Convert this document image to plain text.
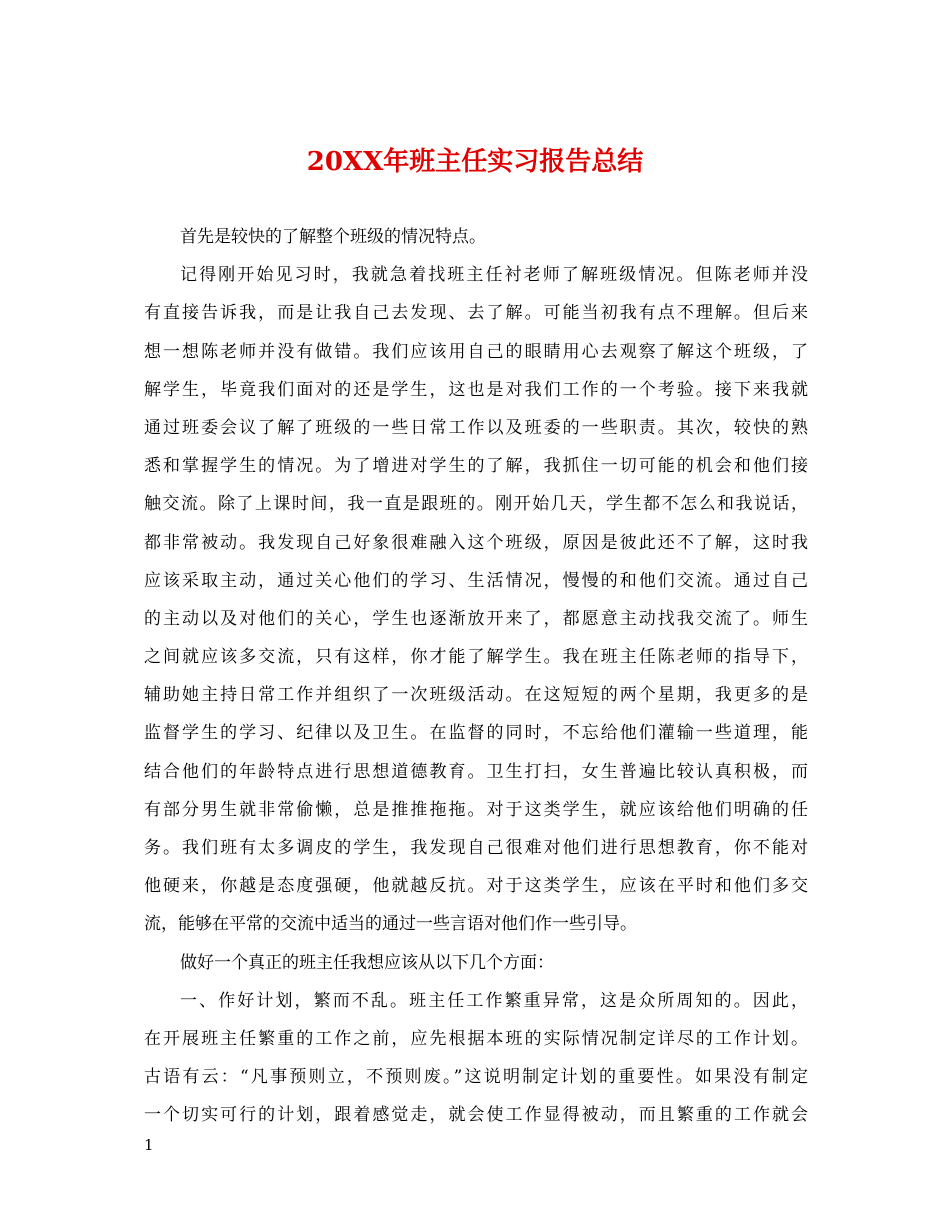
20XX年班主任实习报告总结
首先是较快的了解整个班级的情况特点。
记得刚开始见习时，我就急着找班主任衬老师了解班级情况。但陈老师并没
有直接告诉我，而是让我自己去发现、去了解。可能当初我有点不理解。但后来
想一想陈老师并没有做错。我们应该用自己的眼睛用心去观察了解这个班级，了
解学生，毕竟我们面对的还是学生，这也是对我们工作的一个考验。接下来我就
通过班委会议了解了班级的一些日常工作以及班委的一些职责。其次，较快的熟
悉和掌握学生的情况。为了增进对学生的了解，我抓住一切可能的机会和他们接
触交流。除了上课时间，我一直是跟班的。刚开始几天，学生都不怎么和我说话，
都非常被动。我发现自己好象很难融入这个班级，原因是彼此还不了解，这时我
应该采取主动，通过关心他们的学习、生活情况，慢慢的和他们交流。通过自己
的主动以及对他们的关心，学生也逐渐放开来了，都愿意主动找我交流了。师生
之间就应该多交流，只有这样，你才能了解学生。我在班主任陈老师的指导下，
辅助她主持日常工作并组织了一次班级活动。在这短短的两个星期，我更多的是
监督学生的学习、纪律以及卫生。在监督的同时，不忘给他们灌输一些道理，能
结合他们的年龄特点进行思想道德教育。卫生打扫，女生普遍比较认真积极，而
有部分男生就非常偷懒，总是推推拖拖。对于这类学生，就应该给他们明确的任
务。我们班有太多调皮的学生，我发现自己很难对他们进行思想教育，你不能对
他硬来，你越是态度强硬，他就越反抗。对于这类学生，应该在平时和他们多交
流，能够在平常的交流中适当的通过一些言语对他们作一些引导。
做好一个真正的班主任我想应该从以下几个方面：
一、作好计划，繁而不乱。班主任工作繁重异常，这是众所周知的。因此，
在开展班主任繁重的工作之前，应先根据本班的实际情况制定详尽的工作计划。
古语有云：“凡事预则立，不预则废。”这说明制定计划的重要性。如果没有制定
一个切实可行的计划，跟着感觉走，就会使工作显得被动，而且繁重的工作就会
1
